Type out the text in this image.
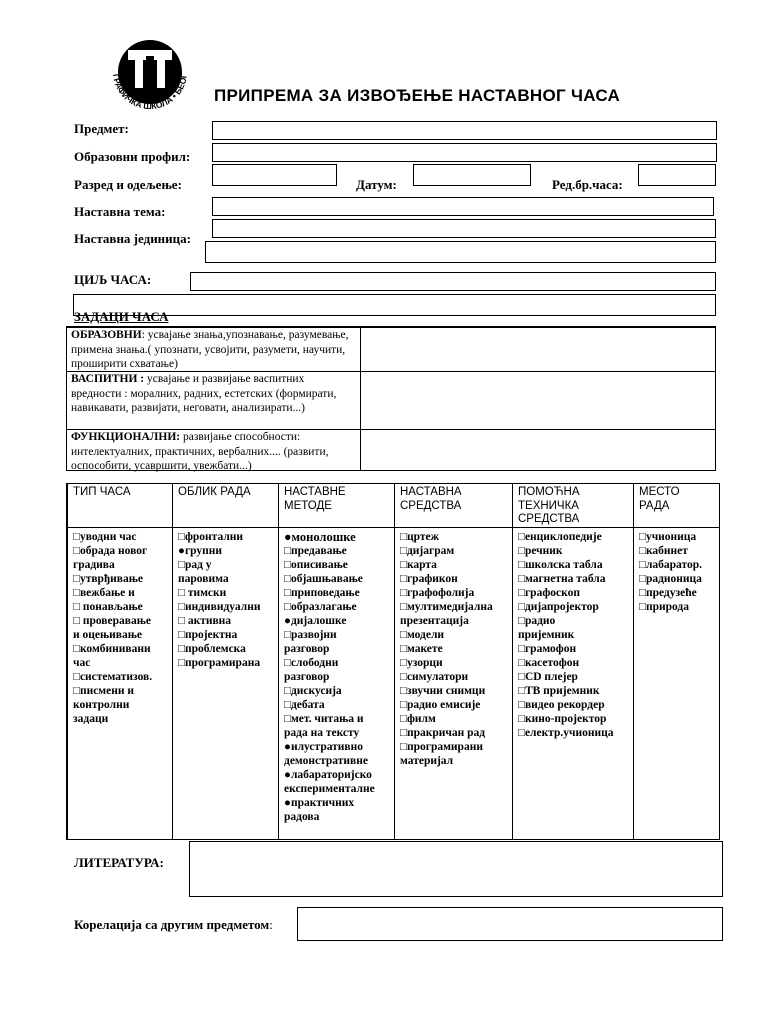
ГРАФИЧКА ШКОЛА • БЕОГ
ПРИПРЕМА ЗА ИЗВОЂЕЊЕ НАСТАВНОГ ЧАСА
Предмет:
Образовни профил:
Разред и одељење:	Датум:	Ред.бр.часа:
Наставна тема:
Наставна јединица:
ЦИЉ ЧАСА:
ЗАДАЦИ ЧАСА
ОБРАЗОВНИ: усвајање знања,упознавање, разумевање, примена знања.( упознати, усвојити, разумети, научити, проширити схватање)
ВАСПИТНИ : усвајање и развијање васпитних вредности : моралних, радних, естетских (формирати, навикавати, развијати, неговати, анализирати...)
ФУНКЦИОНАЛНИ: развијање способности: интелектуалних, практичних, вербалних.... (развити, оспособити, усавршити, увежбати...)
ТИП ЧАСА
□уводни час
□обрада новог
градива
□утврђивање
□вежбање и
□ понављање
□ проверавање
и оцењивање
□комбинивани
час
□систематизов.
□писмени и
контролни
задаци
ОБЛИК РАДА
□фронтални
●групни
□рад у
паровима
□ тимски
□индивидуални
□ активна
□пројектна
□проблемска
□програмирана
НАСТАВНЕ МЕТОДЕ
●монолошке
□предавање
□описивање
□објашњавање
□приповедање
□образлагање
●дијалошке
□развојни
разговор
□слободни
разговор
□дискусија
□дебата
□мет. читања и
рада на тексту
●илустративно
демонстративне
●лабараторијско
експерименталне
●практичних
радова
НАСТАВНА СРЕДСТВА
□цртеж
□дијаграм
□карта
□графикон
□графофолија
□мултимедијална
презентација
□модели
□макете
□узорци
□симулатори
□звучни снимци
□радио емисије
□филм
□пракричан рад
□програмирани
материјал
ПОМОЋНА ТЕХНИЧКА СРЕДСТВА
□енциклопедије
□речник
□школска табла
□магнетна табла
□графоскоп
□дијапројектор
□радио
пријемник
□грамофон
□касетофон
□CD плејер
□ТВ пријемник
□видео рекордер
□кино-пројектор
□електр.учионица
МЕСТО РАДА
□учионица
□кабинет
□лабаратор.
□радионица
□предузеће
□природа
ЛИТЕРАТУРА:
Корелација са другим предметом:
